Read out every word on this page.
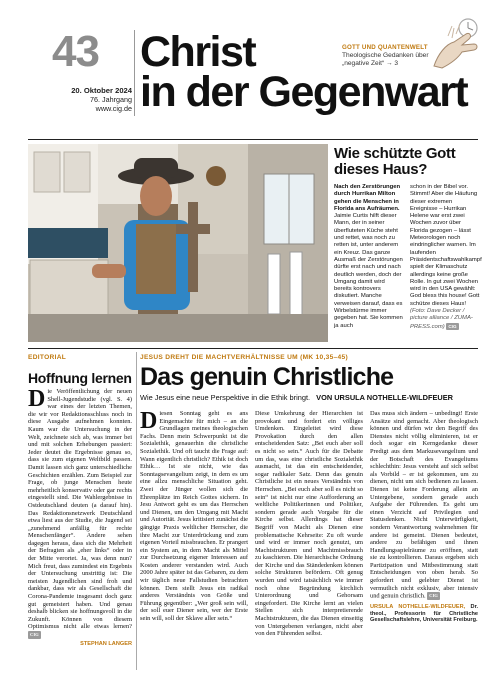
43
20. Oktober 2024
76. Jahrgang
www.cig.de
Christ
in der Gegenwart
GOTT UND QUANTENWELT
Theologische Gedanken über „negative Zeit“ → 3
Wie schützte Gott dieses Haus?
Nach den Zerstörungen durch Hurrikan Milton gehen die Menschen in Florida ans Aufräumen. Jaimie Curtis hilft dieser Mann, der in seiner überfluteten Küche steht und rettet, was noch zu retten ist, unter anderem ein Kreuz. Das ganze Ausmaß der Zerstörungen dürfte erst nach und nach deutlich werden, doch der Umgang damit wird bereits kontrovers diskutiert. Manche verweisen darauf, dass es Wirbelstürme immer gegeben hat. Sie kommen ja auch
schon in der Bibel vor. Stimmt! Aber die Häufung dieser extremen Ereignisse – Hurrikan Helene war erst zwei Wochen zuvor über Florida gezogen – lässt Meteorologen noch eindringlicher warnen. Im laufenden Präsidentschaftswahlkampf spielt der Klimaschutz allerdings keine große Rolle. In gut zwei Wochen wird in den USA gewählt: God bless this house! Gott schütze dieses Haus! (Foto: Dave Decker / picture alliance / ZUMA-PRESS.com) CIG
EDITORIAL
Hoffnung lernen
D ie Veröffentlichung der neuen Shell-Jugendstudie (vgl. S. 4) war eines der letzten Themen, die wir vor Redaktionsschluss noch in diese Ausgabe aufnehmen konnten. Kaum war die Untersuchung in der Welt, zeichnete sich ab, was immer bei und mit solchen Erhebungen passiert: Jeder deutet die Ergebnisse genau so, dass sie zum eigenen Weltbild passen. Damit lassen sich ganz unterschiedliche Geschichten erzählen. Zum Beispiel zur Frage, ob junge Menschen heute mehrheitlich konservativ oder gar rechts eingestellt sind. Die Wahlergebnisse in Ostdeutschland deuten (a darauf hin). Das Redaktionsnetzwerk Deutschland etwa liest aus der Studie, die Jugend sei „zunehmend anfällig für rechte Menschenfänger“. Andere sehen dagegen heraus, dass sich die Mehrheit der Befragten als „eher links“ oder in der Mitte verortet. Ja, was denn nun? Mich freut, dass zumindest ein Ergebnis der Untersuchung unstrittig ist: Die meisten Jugendlichen sind froh und dankbar, dass wir als Gesellschaft die Corona-Pandemie insgesamt doch ganz gut gemeistert haben. Und genau deshalb blicken sie hoffnungsvoll in die Zukunft. Können von diesem Optimismus nicht alle etwas lernen? CIG
STEPHAN LANGER
JESUS DREHT DIE MACHTVERHÄLTNISSE UM (MK 10,35–45)
Das genuin Christliche
Wie Jesus eine neue Perspektive in die Ethik bringt. VON URSULA NOTHELLE-WILDFEUER
D iesen Sonntag geht es ans Eingemachte für mich – an die Grundlagen meines theologischen Fachs. Denn mein Schwerpunkt ist die Sozialethik, genauerhin die christliche Sozialethik. Und oft taucht die Frage auf: Wann eigentlich christlich? Ethik ist doch Ethik… Ist sie nicht, wie das Sonntagsevangelium zeigt, in dem es um eine allzu menschliche Situation geht. Zwei der Jünger wollen sich die Ehrenplätze im Reich Gottes sichern. In Jesu Antwort geht es um das Herrschen und Dienen, um den Umgang mit Macht und Autorität. Jesus kritisiert zunächst die gängige Praxis weltlicher Herrscher, die ihre Macht zur Unterdrückung und zum eigenen Vorteil missbrauchen. Er prangert ein System an, in dem Macht als Mittel zur Durchsetzung eigener Interessen auf Kosten anderer verstanden wird. Auch 2000 Jahre später ist das Gebaren, zu dem wir täglich neue Fallstudien betrachten können. Dem stellt Jesus ein radikal anderes Verständnis von Größe und Führung gegenüber: „Wer groß sein will, der soll euer Diener sein, wer der Erste sein will, soll der Sklave aller sein.“
Diese Umkehrung der Hierarchien ist provokant und fordert ein völliges Umdenken. Eingeleitet wird diese Provokation durch den allen entscheidenden Satz: „Bei euch aber soll es nicht so sein.“ Auch für die Debatte um das, was eine christliche Sozialethik ausmacht, ist das ein entscheidender, sogar radikaler Satz. Denn das genuin Christliche ist ein neues Verständnis von Herrschen. „Bei euch aber soll es nicht so sein“ ist nicht nur eine Aufforderung an weltliche Politikerinnen und Politiker, sondern gerade auch Vorgabe für die Kirche selbst. Allerdings hat dieser Begriff von Macht als Dienen eine problematische Kehrseite: Zu oft wurde und wird er immer noch genutzt, um Machtstrukturen und Machtmissbrauch zu kaschieren. Die hierarchische Ordnung der Kirche und das Ständedenken können solche Strukturen befördern. Oft genug wurden und wird tatsächlich wie immer noch ohne Begründung kirchlich Unterordnung und Gehorsam eingefordert. Die Kirche lernt an vielen Stellen sich interpretierende Machtstrukturen, die das Dienen einseitig von Untergebenen verlangen, nicht aber von den Führenden selbst.
Das muss sich ändern – unbedingt! Erste Ansätze sind gemacht. Aber theologisch können und dürfen wir den Begriff des Dienstes nicht völlig eliminieren, ist er doch sogar ein Kerngedanke dieser Predigt aus dem Markusevangelium und der Botschaft des Evangeliums schlechthin: Jesus versteht auf sich selbst als Vorbild – er ist gekommen, um zu dienen, nicht um sich bedienen zu lassen. Dienen ist keine Forderung allein an Untergebene, sondern gerade auch Aufgabe der Führenden. Es geht um einen Verzicht auf Privilegien und Statusdenken. Nicht Unterwürfigkeit, sondern Verantwortung wahrnehmen für andere ist gemeint. Dienen bedeutet, andere zu befähigen und ihnen Handlungsspielräume zu eröffnen, statt sie zu kontrollieren. Daraus ergeben sich Partizipation und Mitbestimmung statt Entscheidungen von oben herab. So gefordert und gelebter Dienst ist vermutlich nicht exklusiv, aber intensiv und genuin christlich. CIG
URSULA NOTHELLE-WILDFEUER, Dr. theol., Professorin für Christliche Gesellschaftslehre, Universität Freiburg.
